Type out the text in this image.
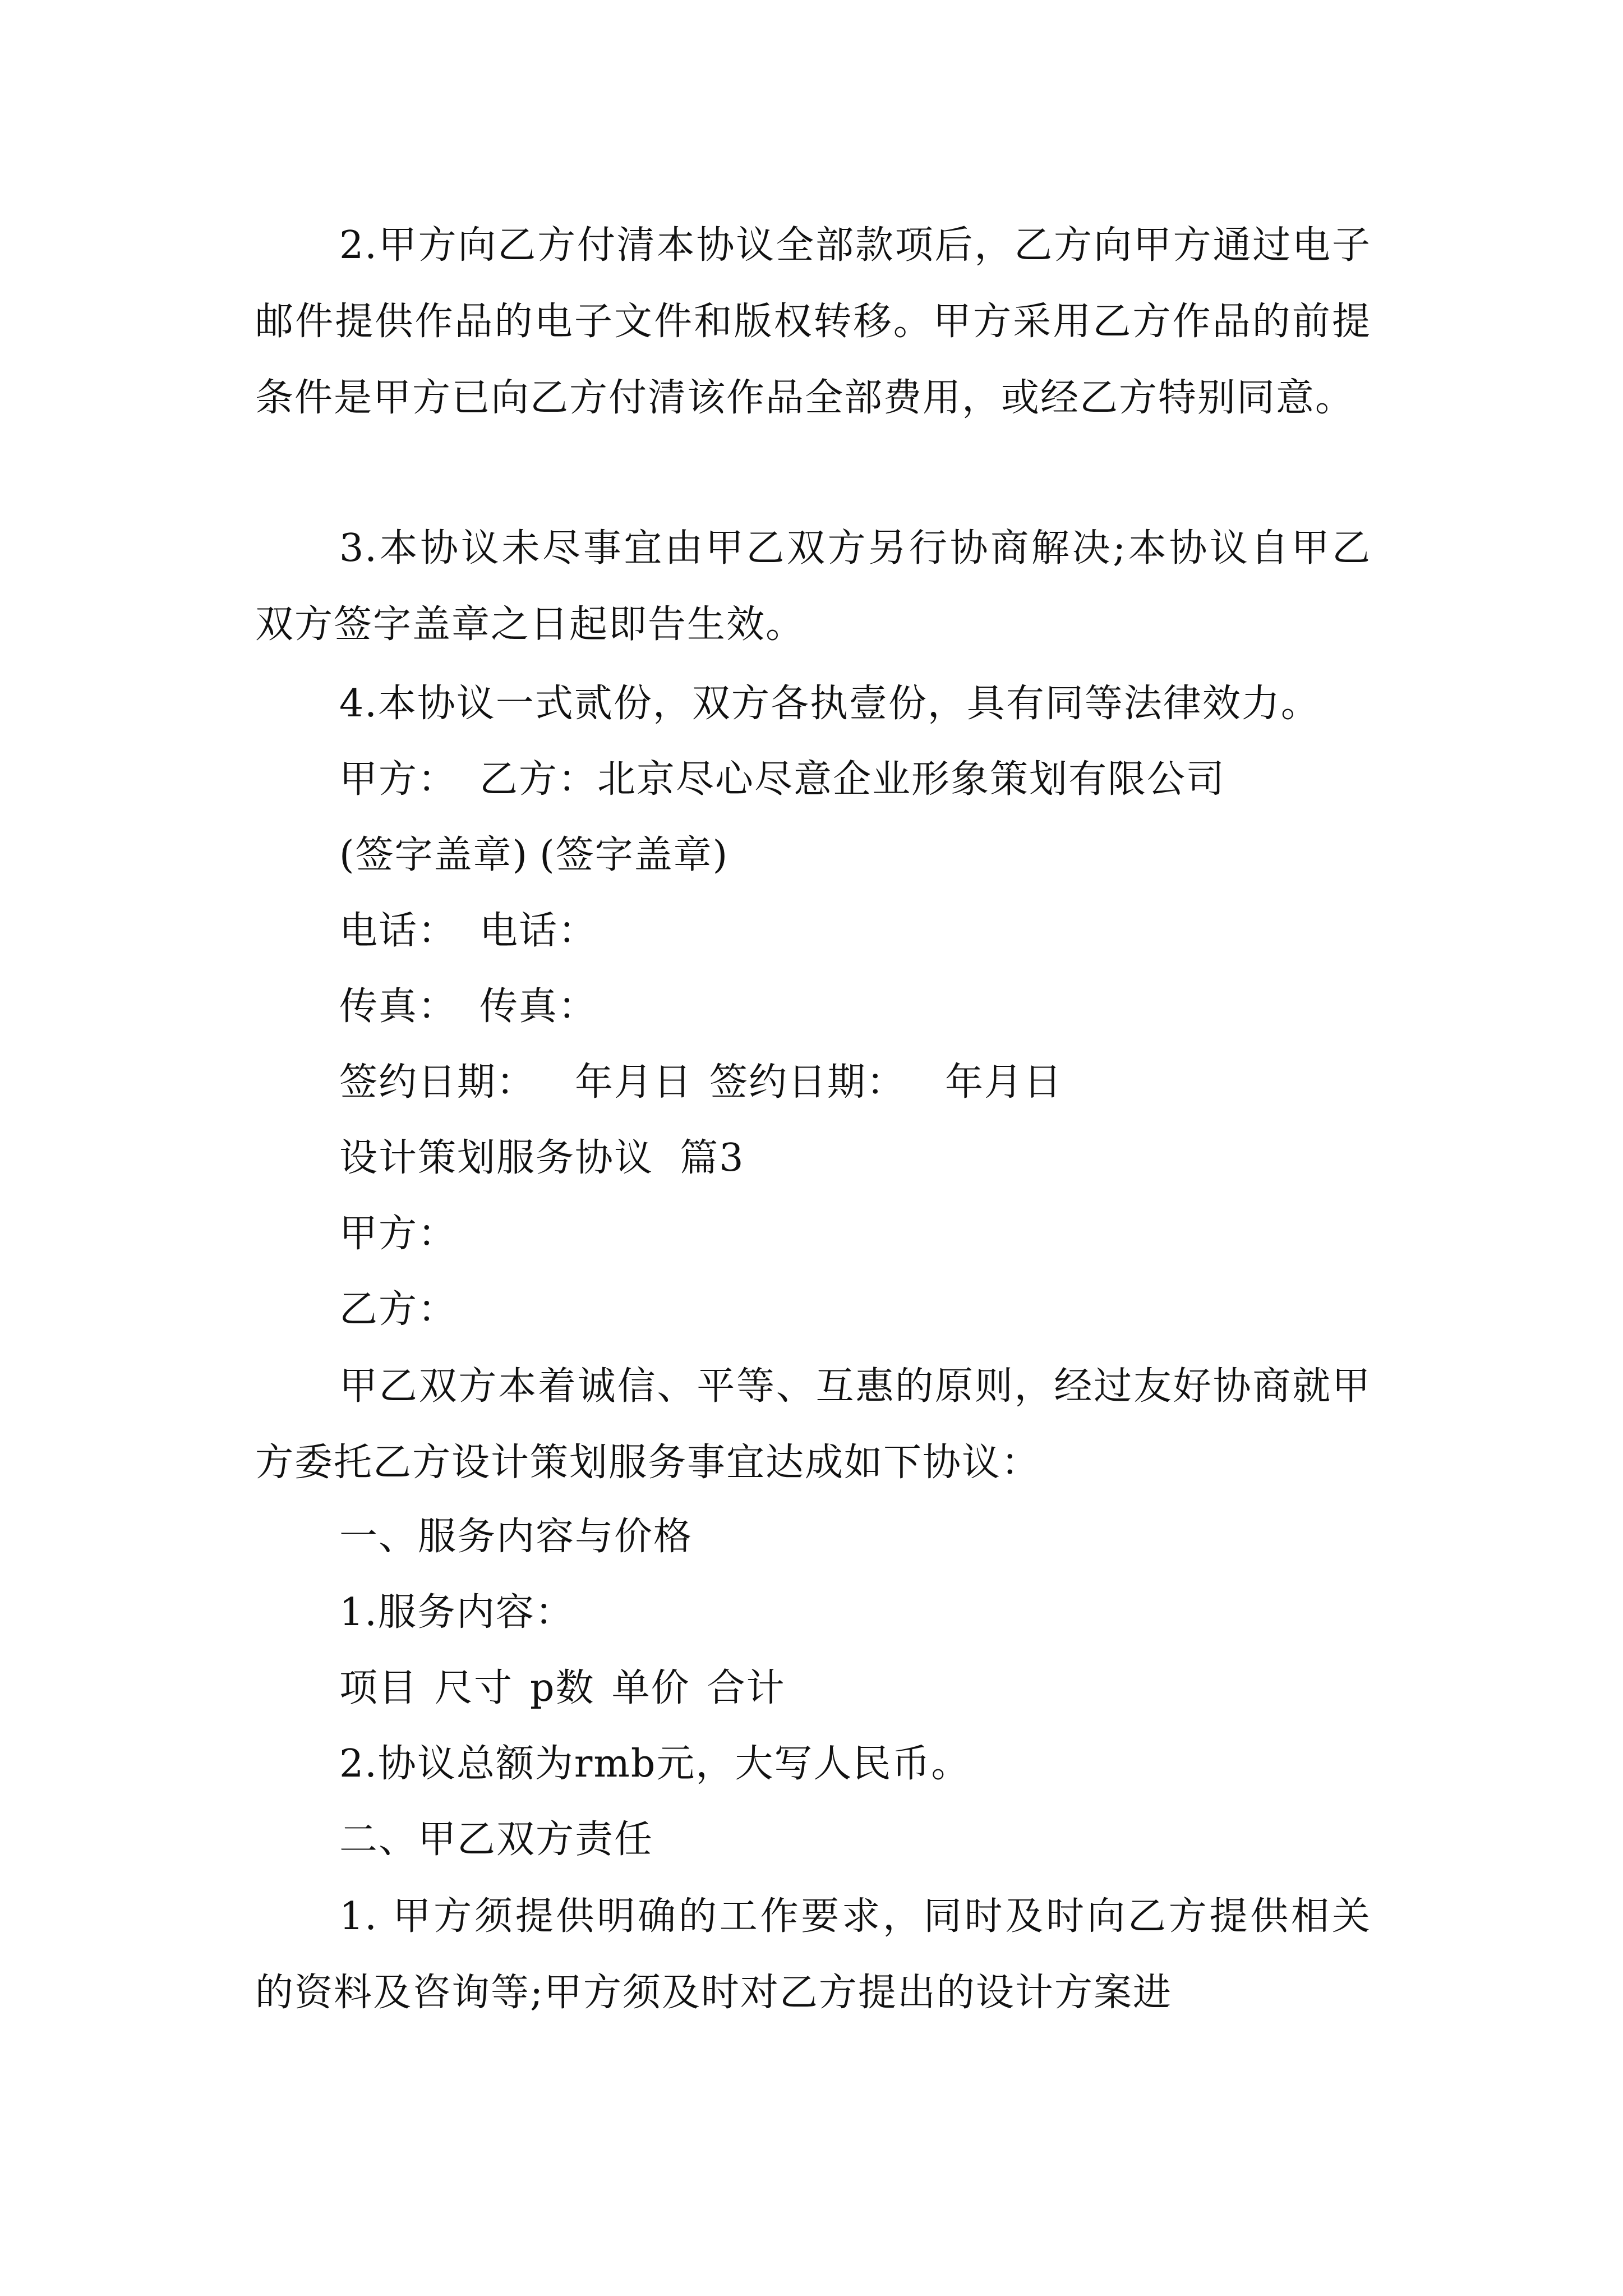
2.甲方向乙方付清本协议全部款项后，乙方向甲方通过电子邮件提供作品的电子文件和版权转移。甲方采用乙方作品的前提条件是甲方已向乙方付清该作品全部费用，或经乙方特别同意。

3.本协议未尽事宜由甲乙双方另行协商解决;本协议自甲乙双方签字盖章之日起即告生效。

4.本协议一式贰份，双方各执壹份，具有同等法律效力。
甲方： 乙方：北京尽心尽意企业形象策划有限公司
(签字盖章) (签字盖章)
电话： 电话：
传真： 传真：
签约日期： 年月日 签约日期： 年月日
设计策划服务协议  篇3
甲方：
乙方：

甲乙双方本着诚信、平等、互惠的原则，经过友好协商就甲方委托乙方设计策划服务事宜达成如下协议：

一、服务内容与价格
1.服务内容：
项目 尺寸 p数 单价 合计
2.协议总额为rmb元，大写人民币。
二、甲乙双方责任

1. 甲方须提供明确的工作要求，同时及时向乙方提供相关的资料及咨询等;甲方须及时对乙方提出的设计方案进
